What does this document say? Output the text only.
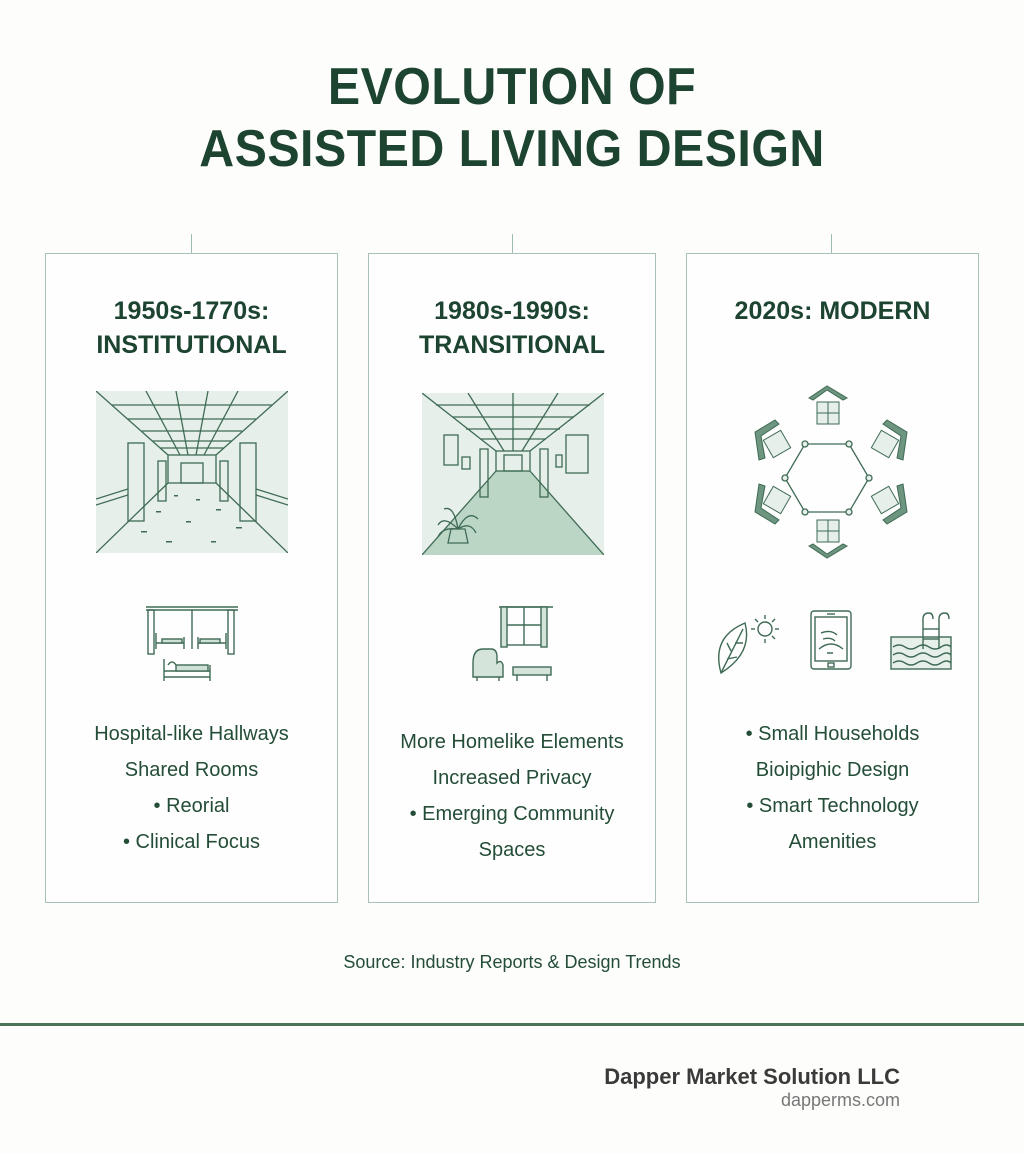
EVOLUTION OF
ASSISTED LIVING DESIGN
1950s-1770s:
INSTITUTIONAL
Hospital-like Hallways
Shared Rooms
• Reorial
• Clinical Focus
1980s-1990s:
TRANSITIONAL
More Homelike Elements
Increased Privacy
• Emerging Community
Spaces
2020s: MODERN
• Small Households
Bioipighic Design
• Smart Technology
Amenities
Source: Industry Reports & Design Trends
Dapper Market Solution LLC
dapperms.com
